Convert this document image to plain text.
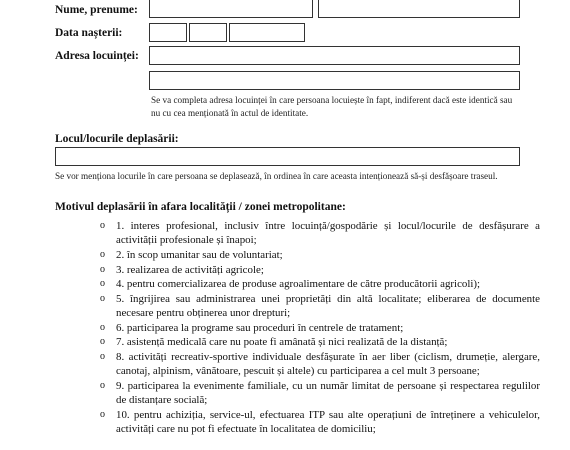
Nume, prenume:
Data nașterii:
Adresa locuinței:
Se va completa adresa locuinței în care persoana locuiește în fapt, indiferent dacă este identică sau nu cu cea menționată în actul de identitate.
Locul/locurile deplasării:
Se vor menționa locurile în care persoana se deplasează, în ordinea în care aceasta intenționează să-și desfășoare traseul.
Motivul deplasării în afara localității / zonei metropolitane:
o 1. interes profesional, inclusiv între locuință/gospodărie și locul/locurile de desfășurare a activității profesionale și înapoi;
o 2. în scop umanitar sau de voluntariat;
o 3. realizarea de activități agricole;
o 4. pentru comercializarea de produse agroalimentare de către producătorii agricoli);
o 5. îngrijirea sau administrarea unei proprietăți din altă localitate; eliberarea de documente necesare pentru obținerea unor drepturi;
o 6. participarea la programe sau proceduri în centrele de tratament;
o 7. asistență medicală care nu poate fi amânată și nici realizată de la distanță;
o 8. activități recreativ-sportive individuale desfășurate în aer liber (ciclism, drumeție, alergare, canotaj, alpinism, vânătoare, pescuit și altele) cu participarea a cel mult 3 persoane;
o 9. participarea la evenimente familiale, cu un număr limitat de persoane și respectarea regulilor de distanțare socială;
o 10. pentru achiziția, service-ul, efectuarea ITP sau alte operațiuni de întreținere a vehiculelor, activități care nu pot fi efectuate în localitatea de domiciliu;
